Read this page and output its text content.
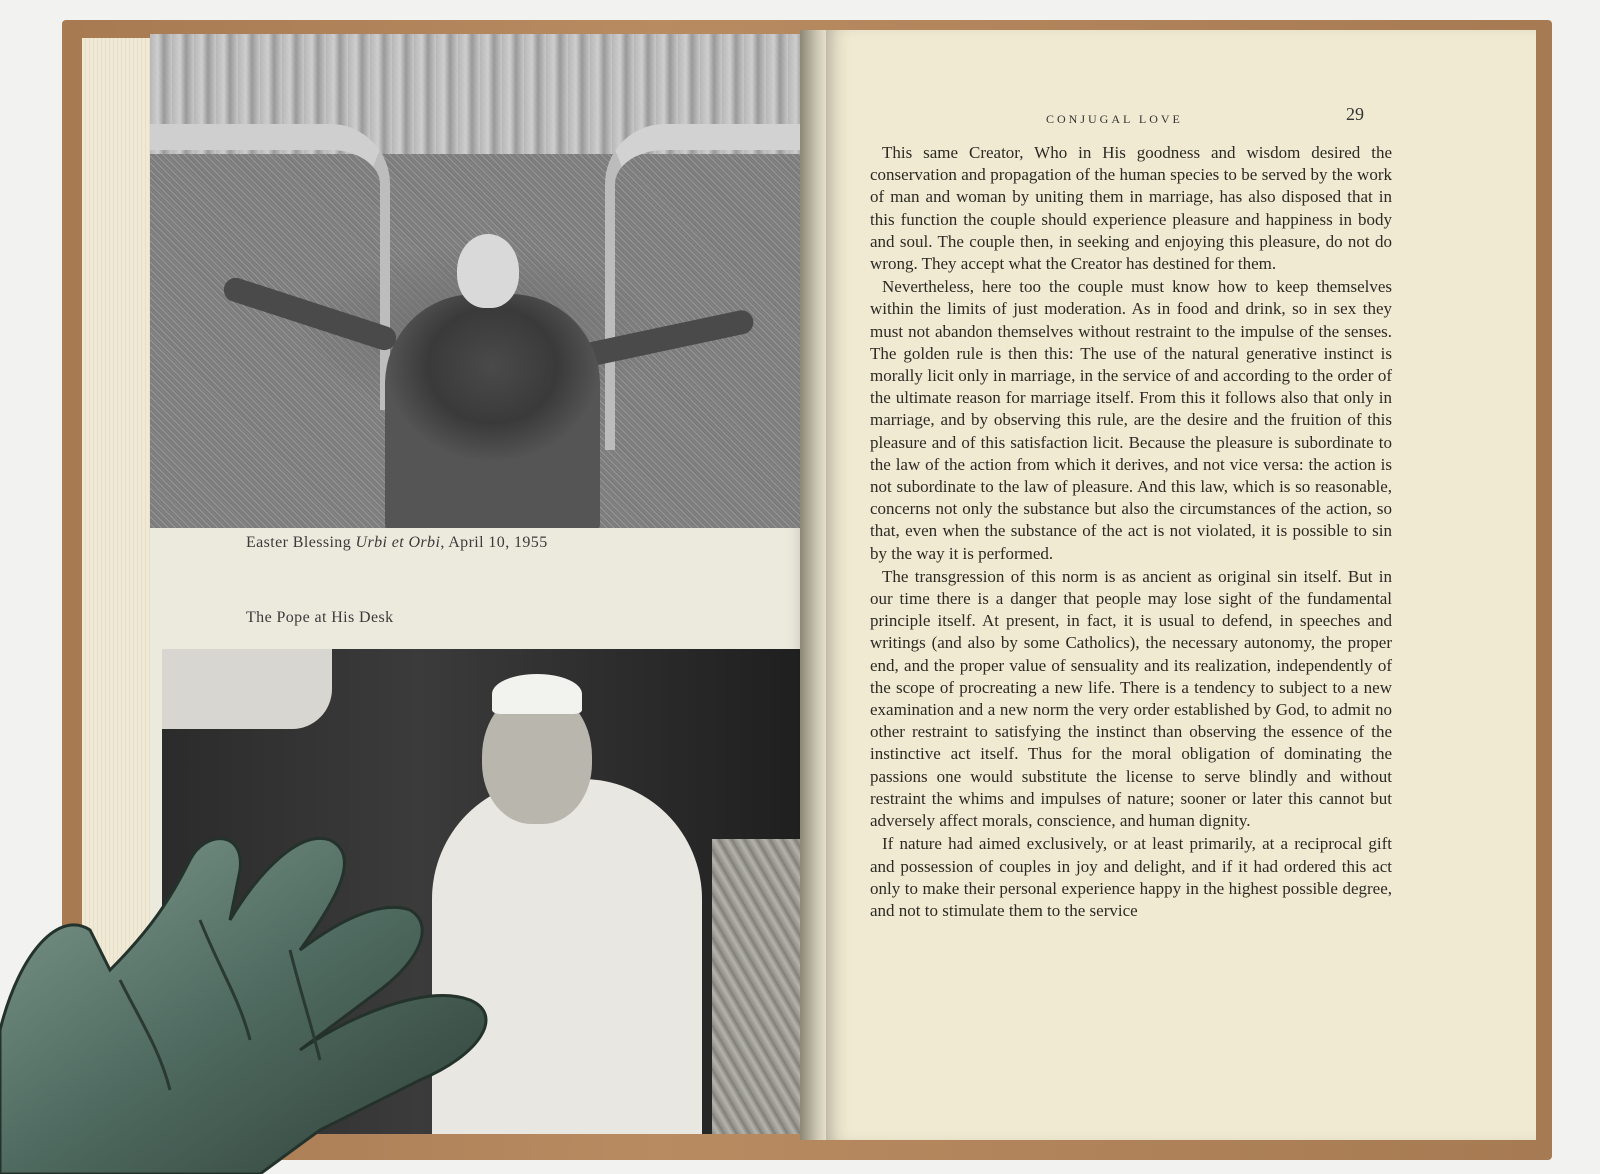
Easter Blessing Urbi et Orbi, April 10, 1955
The Pope at His Desk
CONJUGAL LOVE	29

This same Creator, Who in His goodness and wisdom desired the conservation and propagation of the human species to be served by the work of man and woman by uniting them in marriage, has also disposed that in this function the couple should experience pleasure and happiness in body and soul. The couple then, in seeking and enjoying this pleasure, do not do wrong. They accept what the Creator has destined for them.

Nevertheless, here too the couple must know how to keep themselves within the limits of just moderation. As in food and drink, so in sex they must not abandon themselves without restraint to the impulse of the senses. The golden rule is then this: The use of the natural generative instinct is morally licit only in marriage, in the service of and according to the order of the ultimate reason for marriage itself. From this it follows also that only in marriage, and by observing this rule, are the desire and the fruition of this pleasure and of this satisfaction licit. Because the pleasure is subordinate to the law of the action from which it derives, and not vice versa: the action is not subordinate to the law of pleasure. And this law, which is so reasonable, concerns not only the substance but also the circumstances of the action, so that, even when the substance of the act is not violated, it is possible to sin by the way it is performed.

The transgression of this norm is as ancient as original sin itself. But in our time there is a danger that people may lose sight of the fundamental principle itself. At present, in fact, it is usual to defend, in speeches and writings (and also by some Catholics), the necessary autonomy, the proper end, and the proper value of sensuality and its realization, independently of the scope of procreating a new life. There is a tendency to subject to a new examination and a new norm the very order established by God, to admit no other restraint to satisfying the instinct than observing the essence of the instinctive act itself. Thus for the moral obligation of dominating the passions one would substitute the license to serve blindly and without restraint the whims and impulses of nature; sooner or later this cannot but adversely affect morals, conscience, and human dignity.

If nature had aimed exclusively, or at least primarily, at a reciprocal gift and possession of couples in joy and delight, and if it had ordered this act only to make their personal experience happy in the highest possible degree, and not to stimulate them to the service
